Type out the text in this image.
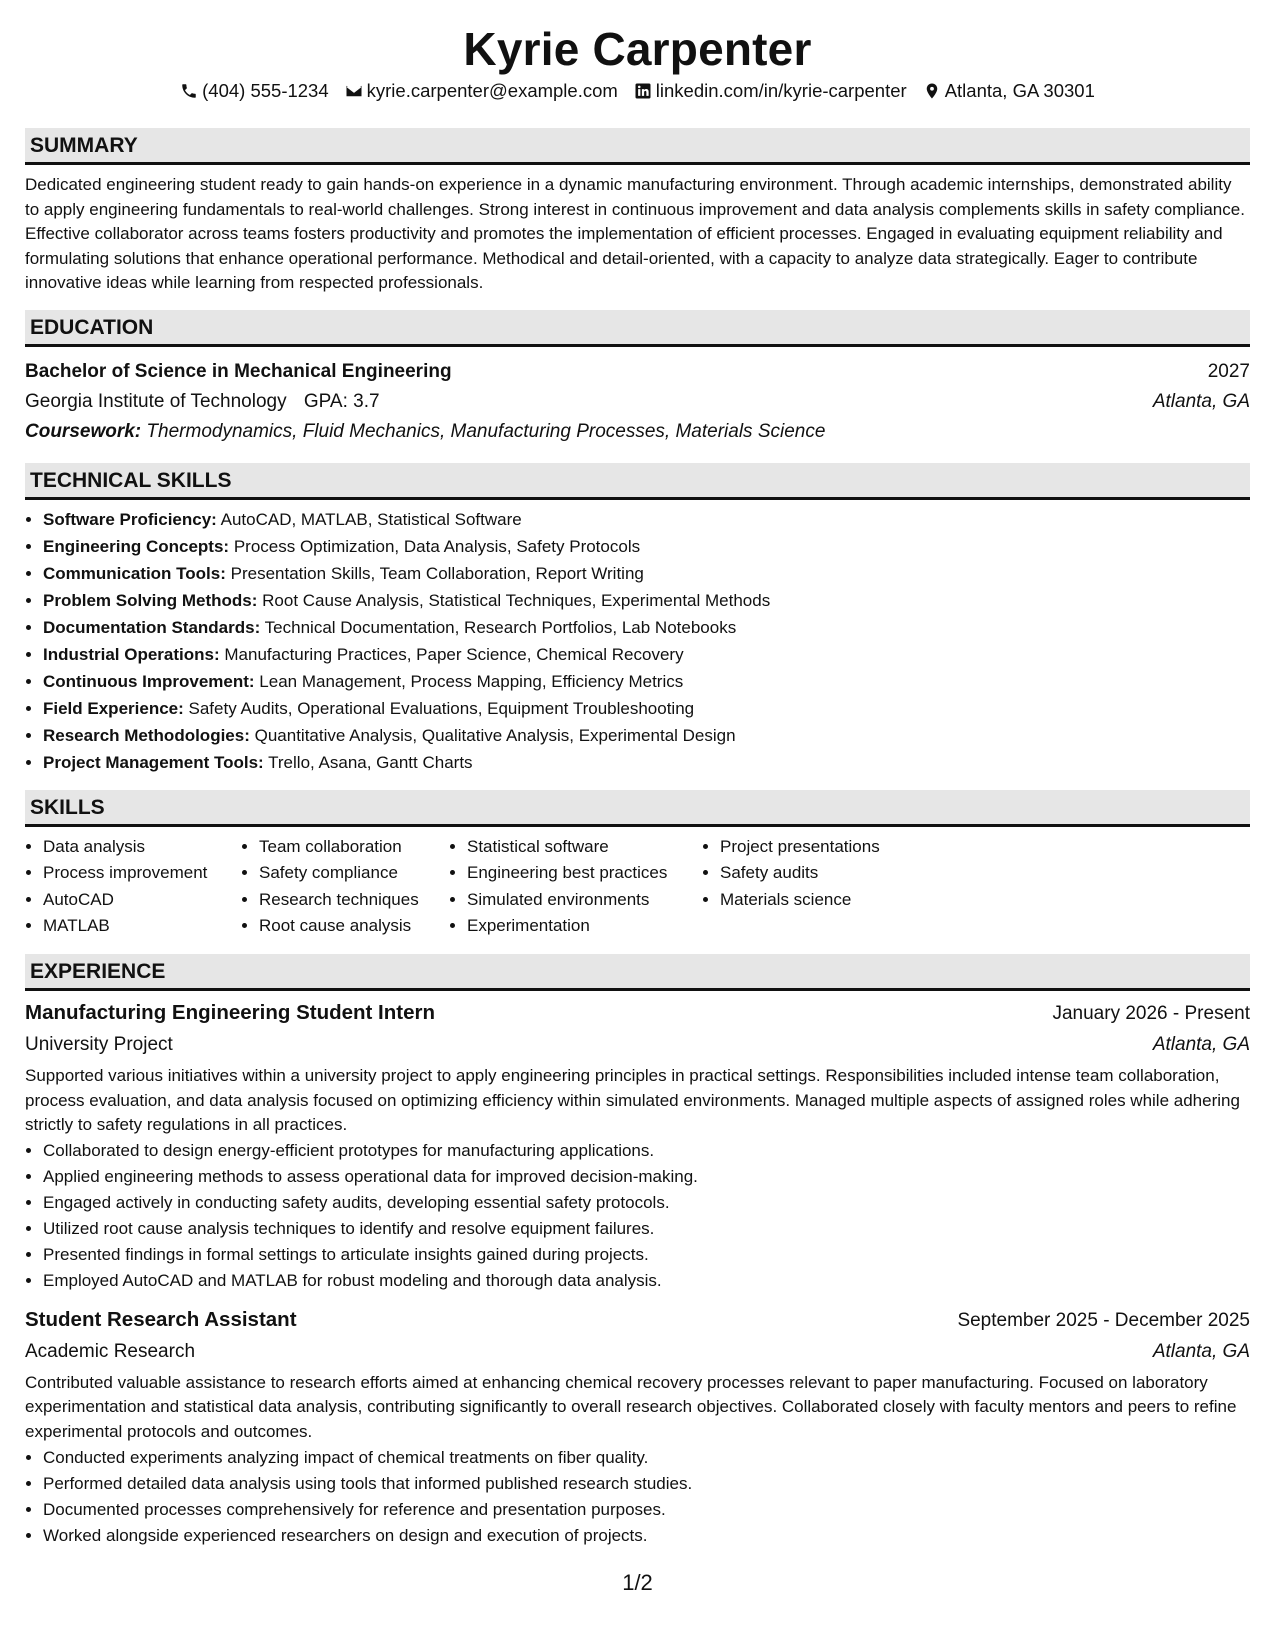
Kyrie Carpenter
(404) 555-1234 kyrie.carpenter@example.com linkedin.com/in/kyrie-carpenter Atlanta, GA 30301
SUMMARY

Dedicated engineering student ready to gain hands-on experience in a dynamic manufacturing environment. Through academic internships, demonstrated ability to apply engineering fundamentals to real-world challenges. Strong interest in continuous improvement and data analysis complements skills in safety compliance. Effective collaborator across teams fosters productivity and promotes the implementation of efficient processes. Engaged in evaluating equipment reliability and formulating solutions that enhance operational performance. Methodical and detail-oriented, with a capacity to analyze data strategically. Eager to contribute innovative ideas while learning from respected professionals.

EDUCATION
Bachelor of Science in Mechanical Engineering	2027
Georgia Institute of Technology GPA: 3.7	Atlanta, GA
Coursework: Thermodynamics, Fluid Mechanics, Manufacturing Processes, Materials Science
TECHNICAL SKILLS
• Software Proficiency: AutoCAD, MATLAB, Statistical Software
• Engineering Concepts: Process Optimization, Data Analysis, Safety Protocols
• Communication Tools: Presentation Skills, Team Collaboration, Report Writing
• Problem Solving Methods: Root Cause Analysis, Statistical Techniques, Experimental Methods
• Documentation Standards: Technical Documentation, Research Portfolios, Lab Notebooks
• Industrial Operations: Manufacturing Practices, Paper Science, Chemical Recovery
• Continuous Improvement: Lean Management, Process Mapping, Efficiency Metrics
• Field Experience: Safety Audits, Operational Evaluations, Equipment Troubleshooting
• Research Methodologies: Quantitative Analysis, Qualitative Analysis, Experimental Design
• Project Management Tools: Trello, Asana, Gantt Charts
SKILLS
• Data analysis
• Process improvement
• AutoCAD
• MATLAB
• Team collaboration
• Safety compliance
• Research techniques
• Root cause analysis
• Statistical software
• Engineering best practices
• Simulated environments
• Experimentation
• Project presentations
• Safety audits
• Materials science
EXPERIENCE
Manufacturing Engineering Student Intern	January 2026 - Present
University Project	Atlanta, GA

Supported various initiatives within a university project to apply engineering principles in practical settings. Responsibilities included intense team collaboration, process evaluation, and data analysis focused on optimizing efficiency within simulated environments. Managed multiple aspects of assigned roles while adhering strictly to safety regulations in all practices.

• Collaborated to design energy-efficient prototypes for manufacturing applications.
• Applied engineering methods to assess operational data for improved decision-making.
• Engaged actively in conducting safety audits, developing essential safety protocols.
• Utilized root cause analysis techniques to identify and resolve equipment failures.
• Presented findings in formal settings to articulate insights gained during projects.
• Employed AutoCAD and MATLAB for robust modeling and thorough data analysis.
Student Research Assistant	September 2025 - December 2025
Academic Research	Atlanta, GA

Contributed valuable assistance to research efforts aimed at enhancing chemical recovery processes relevant to paper manufacturing. Focused on laboratory experimentation and statistical data analysis, contributing significantly to overall research objectives. Collaborated closely with faculty mentors and peers to refine experimental protocols and outcomes.

• Conducted experiments analyzing impact of chemical treatments on fiber quality.
• Performed detailed data analysis using tools that informed published research studies.
• Documented processes comprehensively for reference and presentation purposes.
• Worked alongside experienced researchers on design and execution of projects.
1/2
